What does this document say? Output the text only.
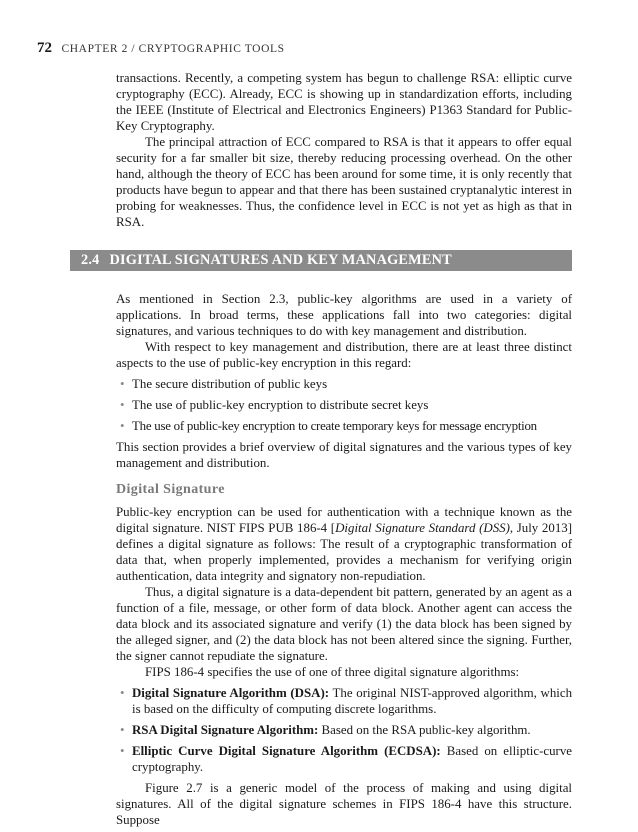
72 CHAPTER 2 / CRYPTOGRAPHIC TOOLS

transactions. Recently, a competing system has begun to challenge RSA: elliptic curve cryptography (ECC). Already, ECC is showing up in standardization efforts, including the IEEE (Institute of Electrical and Electronics Engineers) P1363 Standard for Public-Key Cryptography.

The principal attraction of ECC compared to RSA is that it appears to offer equal security for a far smaller bit size, thereby reducing processing overhead. On the other hand, although the theory of ECC has been around for some time, it is only recently that products have begun to appear and that there has been sustained cryptanalytic interest in probing for weaknesses. Thus, the confidence level in ECC is not yet as high as that in RSA.

2.4 DIGITAL SIGNATURES AND KEY MANAGEMENT

As mentioned in Section 2.3, public-key algorithms are used in a variety of applications. In broad terms, these applications fall into two categories: digital signatures, and various techniques to do with key management and distribution.

With respect to key management and distribution, there are at least three distinct aspects to the use of public-key encryption in this regard:

• The secure distribution of public keys
• The use of public-key encryption to distribute secret keys
• The use of public-key encryption to create temporary keys for message encryption

This section provides a brief overview of digital signatures and the various types of key management and distribution.

Digital Signature

Public-key encryption can be used for authentication with a technique known as the digital signature. NIST FIPS PUB 186-4 [Digital Signature Standard (DSS), July 2013] defines a digital signature as follows: The result of a cryptographic transformation of data that, when properly implemented, provides a mechanism for verifying origin authentication, data integrity and signatory non-repudiation.

Thus, a digital signature is a data-dependent bit pattern, generated by an agent as a function of a file, message, or other form of data block. Another agent can access the data block and its associated signature and verify (1) the data block has been signed by the alleged signer, and (2) the data block has not been altered since the signing. Further, the signer cannot repudiate the signature.

FIPS 186-4 specifies the use of one of three digital signature algorithms:

• Digital Signature Algorithm (DSA): The original NIST-approved algorithm, which is based on the difficulty of computing discrete logarithms.
• RSA Digital Signature Algorithm: Based on the RSA public-key algorithm.
• Elliptic Curve Digital Signature Algorithm (ECDSA): Based on elliptic-curve cryptography.

Figure 2.7 is a generic model of the process of making and using digital signatures. All of the digital signature schemes in FIPS 186-4 have this structure. Suppose
